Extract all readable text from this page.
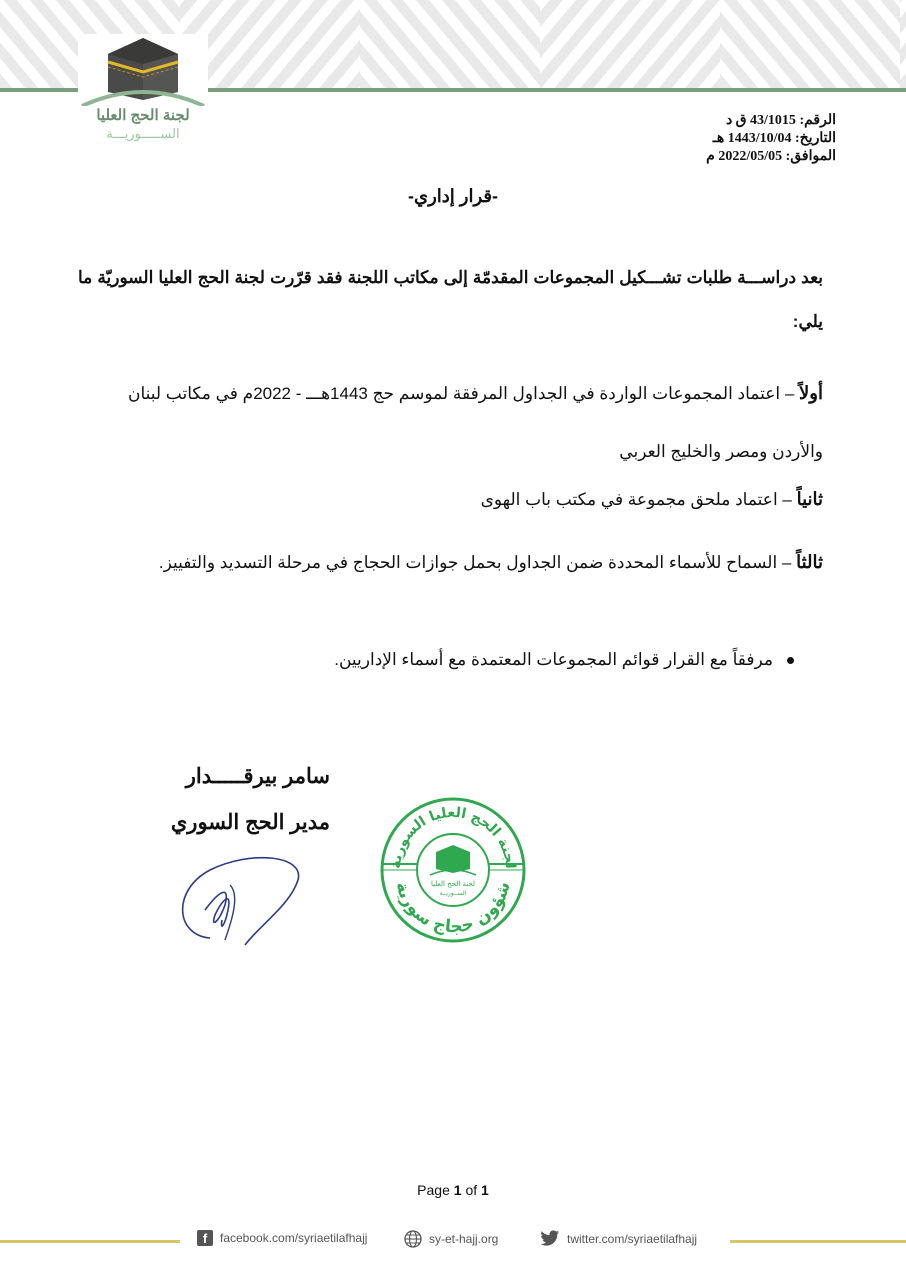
لجنة الحج العليا
الســـــوريـــة
الرقم: 43/1015 ق د
التاريخ: 1443/10/04 هـ
الموافق: 2022/05/05 م
-قرار إداري-
بعد دراســـة طلبات تشـــكيل المجموعات المقدمّة إلى مكاتب اللجنة فقد قرّرت لجنة الحج العليا السوريّة ما يلي:
أولاً – اعتماد المجموعات الواردة في الجداول المرفقة لموسم حج 1443هـــ - 2022م في مكاتب لبنان والأردن ومصر والخليج العربي
ثانياً – اعتماد ملحق مجموعة في مكتب باب الهوى
ثالثاً – السماح للأسماء المحددة ضمن الجداول بحمل جوازات الحجاج في مرحلة التسديد والتفييز.
مرفقاً مع القرار قوائم المجموعات المعتمدة مع أسماء الإداريين.
سامر بيرقـــــدار
مدير الحج السوري
لجنة الحج العليا السورية
شؤون حجاج سورية
لجنة الحج العليا
الســوريــة
Page 1 of 1
f	facebook.com/syriaetilafhajj	sy-et-hajj.org	twitter.com/syriaetilafhajj
